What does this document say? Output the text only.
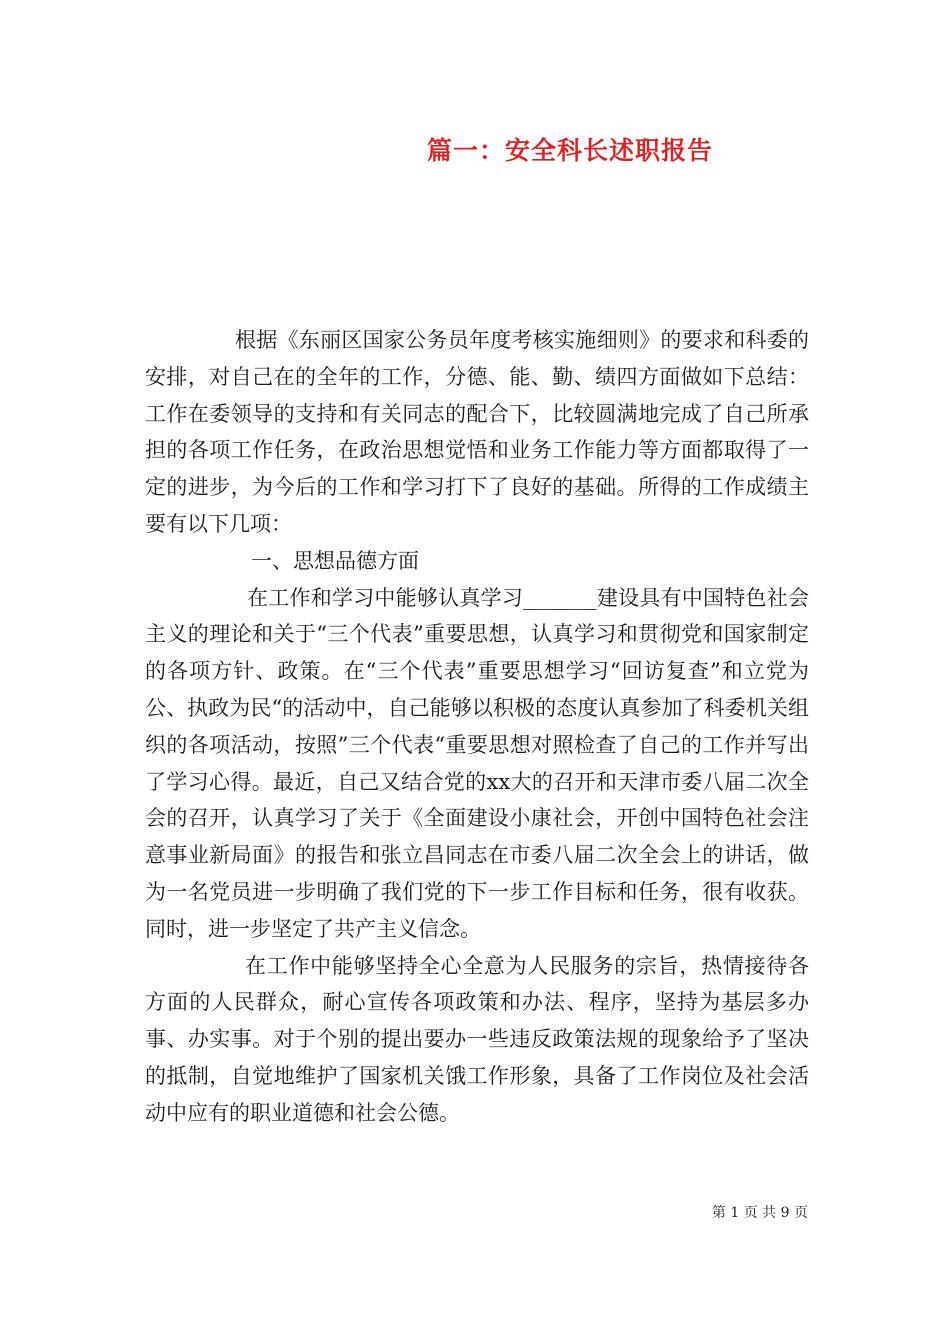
篇一：安全科长述职报告

根据《东丽区国家公务员年度考核实施细则》的要求和科委的安排，对自己在的全年的工作，分德、能、勤、绩四方面做如下总结：工作在委领导的支持和有关同志的配合下，比较圆满地完成了自己所承担的各项工作任务，在政治思想觉悟和业务工作能力等方面都取得了一定的进步，为今后的工作和学习打下了良好的基础。所得的工作成绩主要有以下几项：

一、思想品德方面

在工作和学习中能够认真学习_______建设具有中国特色社会主义的理论和关于“三个代表”重要思想，认真学习和贯彻党和国家制定的各项方针、政策。在“三个代表”重要思想学习“回访复查”和立党为公、执政为民“的活动中，自己能够以积极的态度认真参加了科委机关组织的各项活动，按照”三个代表“重要思想对照检查了自己的工作并写出了学习心得。最近，自己又结合党的xx大的召开和天津市委八届二次全会的召开，认真学习了关于《全面建设小康社会，开创中国特色社会注意事业新局面》的报告和张立昌同志在市委八届二次全会上的讲话，做为一名党员进一步明确了我们党的下一步工作目标和任务，很有收获。同时，进一步坚定了共产主义信念。

在工作中能够坚持全心全意为人民服务的宗旨，热情接待各方面的人民群众，耐心宣传各项政策和办法、程序，坚持为基层多办事、办实事。对于个别的提出要办一些违反政策法规的现象给予了坚决的抵制，自觉地维护了国家机关饿工作形象，具备了工作岗位及社会活动中应有的职业道德和社会公德。

第 1 页 共 9 页
